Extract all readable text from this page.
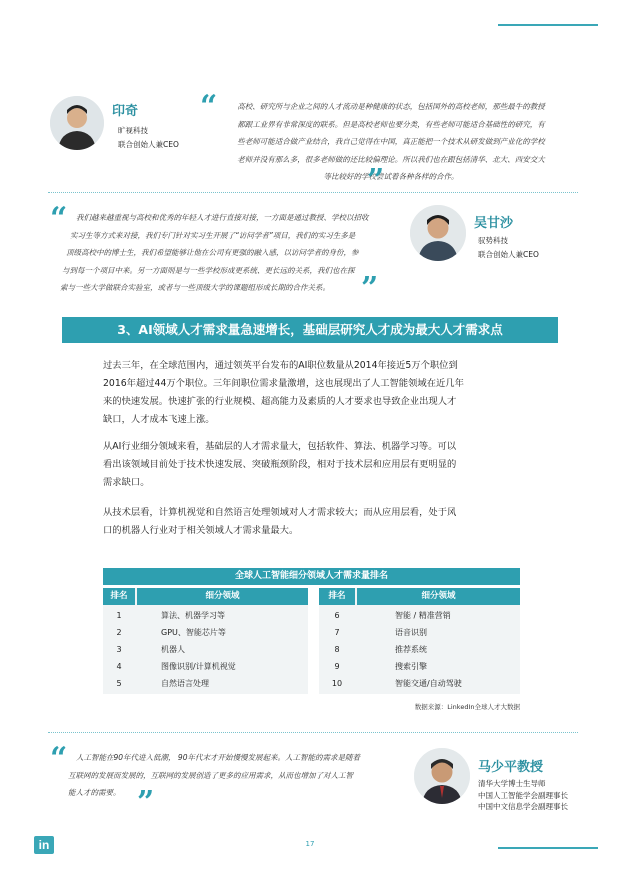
印奇
旷视科技
联合创始人兼CEO
“	高校、研究所与企业之间的人才流动是种健康的状态，包括国外的高校老师，那些最牛的教授
都跟工业界有非常深度的联系。但是高校老师也要分类，有些老师可能适合基础性的研究，有
些老师可能适合做产业结合，我自己觉得在中国，真正能把一个技术从研发做到产业化的学校
老师并没有那么多，很多老师做的还比较偏理论。所以我们也在跟包括清华、北大、西安交大
等比较好的学校尝试着各种各样的合作。
”
“	我们越来越重视与高校和优秀的年轻人才进行直接对接，一方面是通过教授、学校以招收
实习生等方式来对接，我们专门针对实习生开展了“访问学者”项目，我们的实习生多是
顶级高校中的博士生，我们希望能够让他在公司有更强的融入感，以访问学者的身份，参
与到每一个项目中来。另一方面则是与一些学校形成更系统、更长远的关系，我们也在探
索与一些大学做联合实验室，或者与一些顶级大学的课题组形成长期的合作关系。	”
吴甘沙
驭势科技
联合创始人兼CEO
3、AI领域人才需求量急速增长，基础层研究人才成为最大人才需求点
过去三年，在全球范围内，通过领英平台发布的AI职位数量从2014年接近5万个职位到
2016年超过44万个职位。三年间职位需求量激增，这也展现出了人工智能领域在近几年
来的快速发展。快速扩张的行业规模、超高能力及素质的人才要求也导致企业出现人才
缺口，人才成本飞速上涨。
从AI行业细分领域来看，基础层的人才需求量大，包括软件、算法、机器学习等。可以
看出该领域目前处于技术快速发展、突破瓶颈阶段，相对于技术层和应用层有更明显的
需求缺口。
从技术层看，计算机视觉和自然语言处理领域对人才需求较大；而从应用层看，处于风
口的机器人行业对于相关领域人才需求量最大。
全球人工智能细分领域人才需求量排名
排名	细分领域
1	算法、机器学习等
2	GPU、智能芯片等
3	机器人
4	图像识别/计算机视觉
5	自然语言处理
排名	细分领域
6	智能 / 精准营销
7	语音识别
8	推荐系统
9	搜索引擎
10	智能交通/自动驾驶
数据来源：LinkedIn全球人才大数据
“	人工智能在90年代进入低潮， 90年代末才开始慢慢发展起来。人工智能的需求是随着
互联网的发展而发展的，互联网的发展创造了更多的应用需求，从而也增加了对人工智
能人才的需要。 ”
马少平教授
清华大学博士生导师
中国人工智能学会副理事长
中国中文信息学会副理事长
in	17
